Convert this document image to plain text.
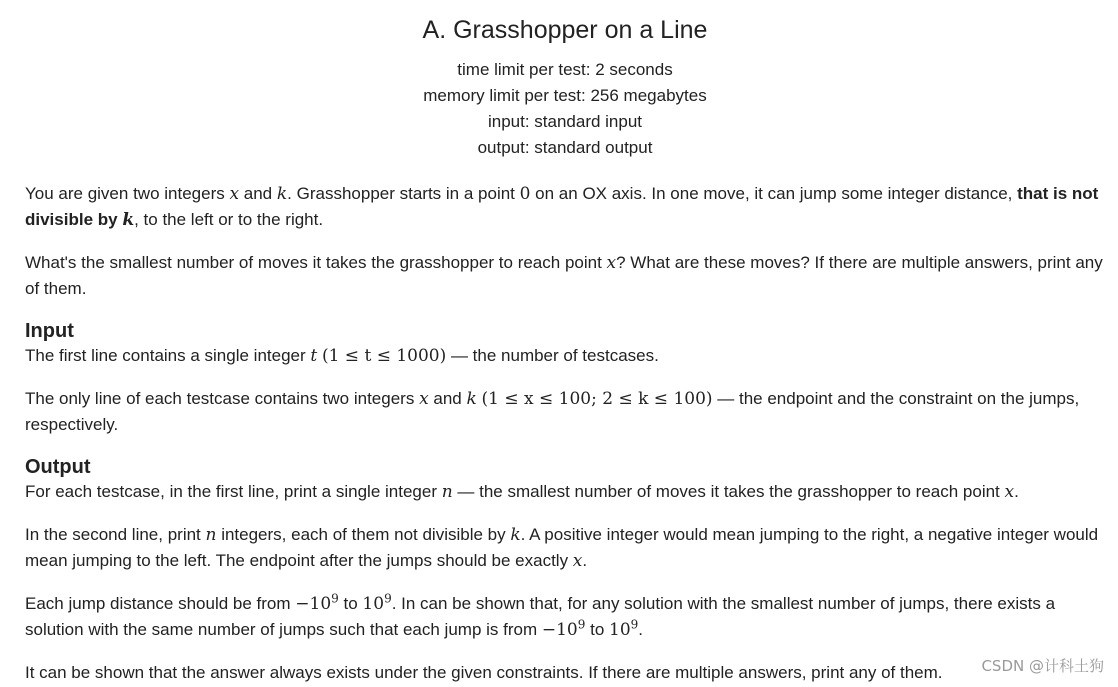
A. Grasshopper on a Line
time limit per test: 2 seconds
memory limit per test: 256 megabytes
input: standard input
output: standard output

You are given two integers x and k. Grasshopper starts in a point 0 on an OX axis. In one move, it can jump some integer distance, that is not divisible by k, to the left or to the right.

What's the smallest number of moves it takes the grasshopper to reach point x? What are these moves? If there are multiple answers, print any of them.

Input

The first line contains a single integer t (1 ≤ t ≤ 1000) — the number of testcases.

The only line of each testcase contains two integers x and k (1 ≤ x ≤ 100; 2 ≤ k ≤ 100) — the endpoint and the constraint on the jumps, respectively.

Output

For each testcase, in the first line, print a single integer n — the smallest number of moves it takes the grasshopper to reach point x.

In the second line, print n integers, each of them not divisible by k. A positive integer would mean jumping to the right, a negative integer would mean jumping to the left. The endpoint after the jumps should be exactly x.

Each jump distance should be from $-10^9$ to $10^9$. In can be shown that, for any solution with the smallest number of jumps, there exists a solution with the same number of jumps such that each jump is from $-10^9$ to $10^9$.

It can be shown that the answer always exists under the given constraints. If there are multiple answers, print any of them.	CSDN @计科土狗
